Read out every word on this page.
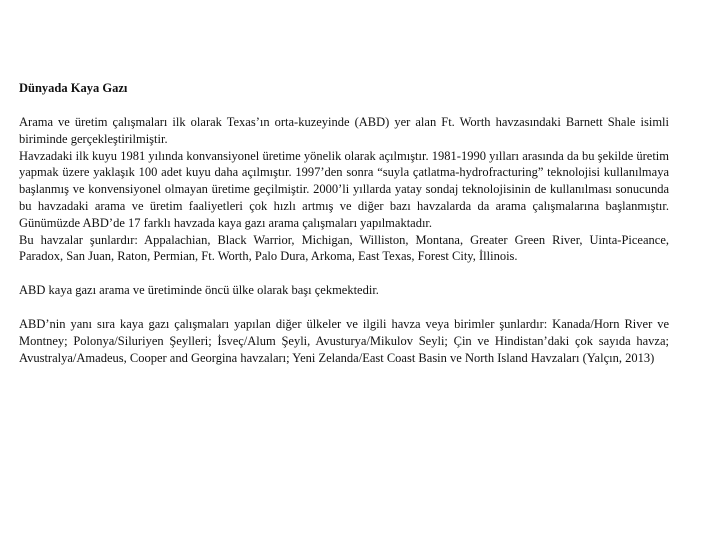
Dünyada Kaya Gazı

Arama ve üretim çalışmaları ilk olarak Texas’ın orta-kuzeyinde (ABD) yer alan Ft. Worth havzasındaki Barnett Shale isimli biriminde gerçekleştirilmiştir.

Havzadaki ilk kuyu 1981 yılında konvansiyonel üretime yönelik olarak açılmıştır. 1981-1990 yılları arasında da bu şekilde üretim yapmak üzere yaklaşık 100 adet kuyu daha açılmıştır. 1997’den sonra “suyla çatlatma-hydrofracturing” teknolojisi kullanılmaya başlanmış ve konvensiyonel olmayan üretime geçilmiştir. 2000’li yıllarda yatay sondaj teknolojisinin de kullanılması sonucunda bu havzadaki arama ve üretim faaliyetleri çok hızlı artmış ve diğer bazı havzalarda da arama çalışmalarına başlanmıştır. Günümüzde ABD’de 17 farklı havzada kaya gazı arama çalışmaları yapılmaktadır.

Bu havzalar şunlardır: Appalachian, Black Warrior, Michigan, Williston, Montana, Greater Green River, Uinta-Piceance, Paradox, San Juan, Raton, Permian, Ft. Worth, Palo Dura, Arkoma, East Texas, Forest City, İllinois.

ABD kaya gazı arama ve üretiminde öncü ülke olarak başı çekmektedir.

ABD’nin yanı sıra kaya gazı çalışmaları yapılan diğer ülkeler ve ilgili havza veya birimler şunlardır: Kanada/Horn River ve Montney; Polonya/Siluriyen Şeylleri; İsveç/Alum Şeyli, Avusturya/Mikulov Seyli; Çin ve Hindistan’daki çok sayıda havza; Avustralya/Amadeus, Cooper and Georgina havzaları; Yeni Zelanda/East Coast Basin ve North Island Havzaları (Yalçın, 2013)
